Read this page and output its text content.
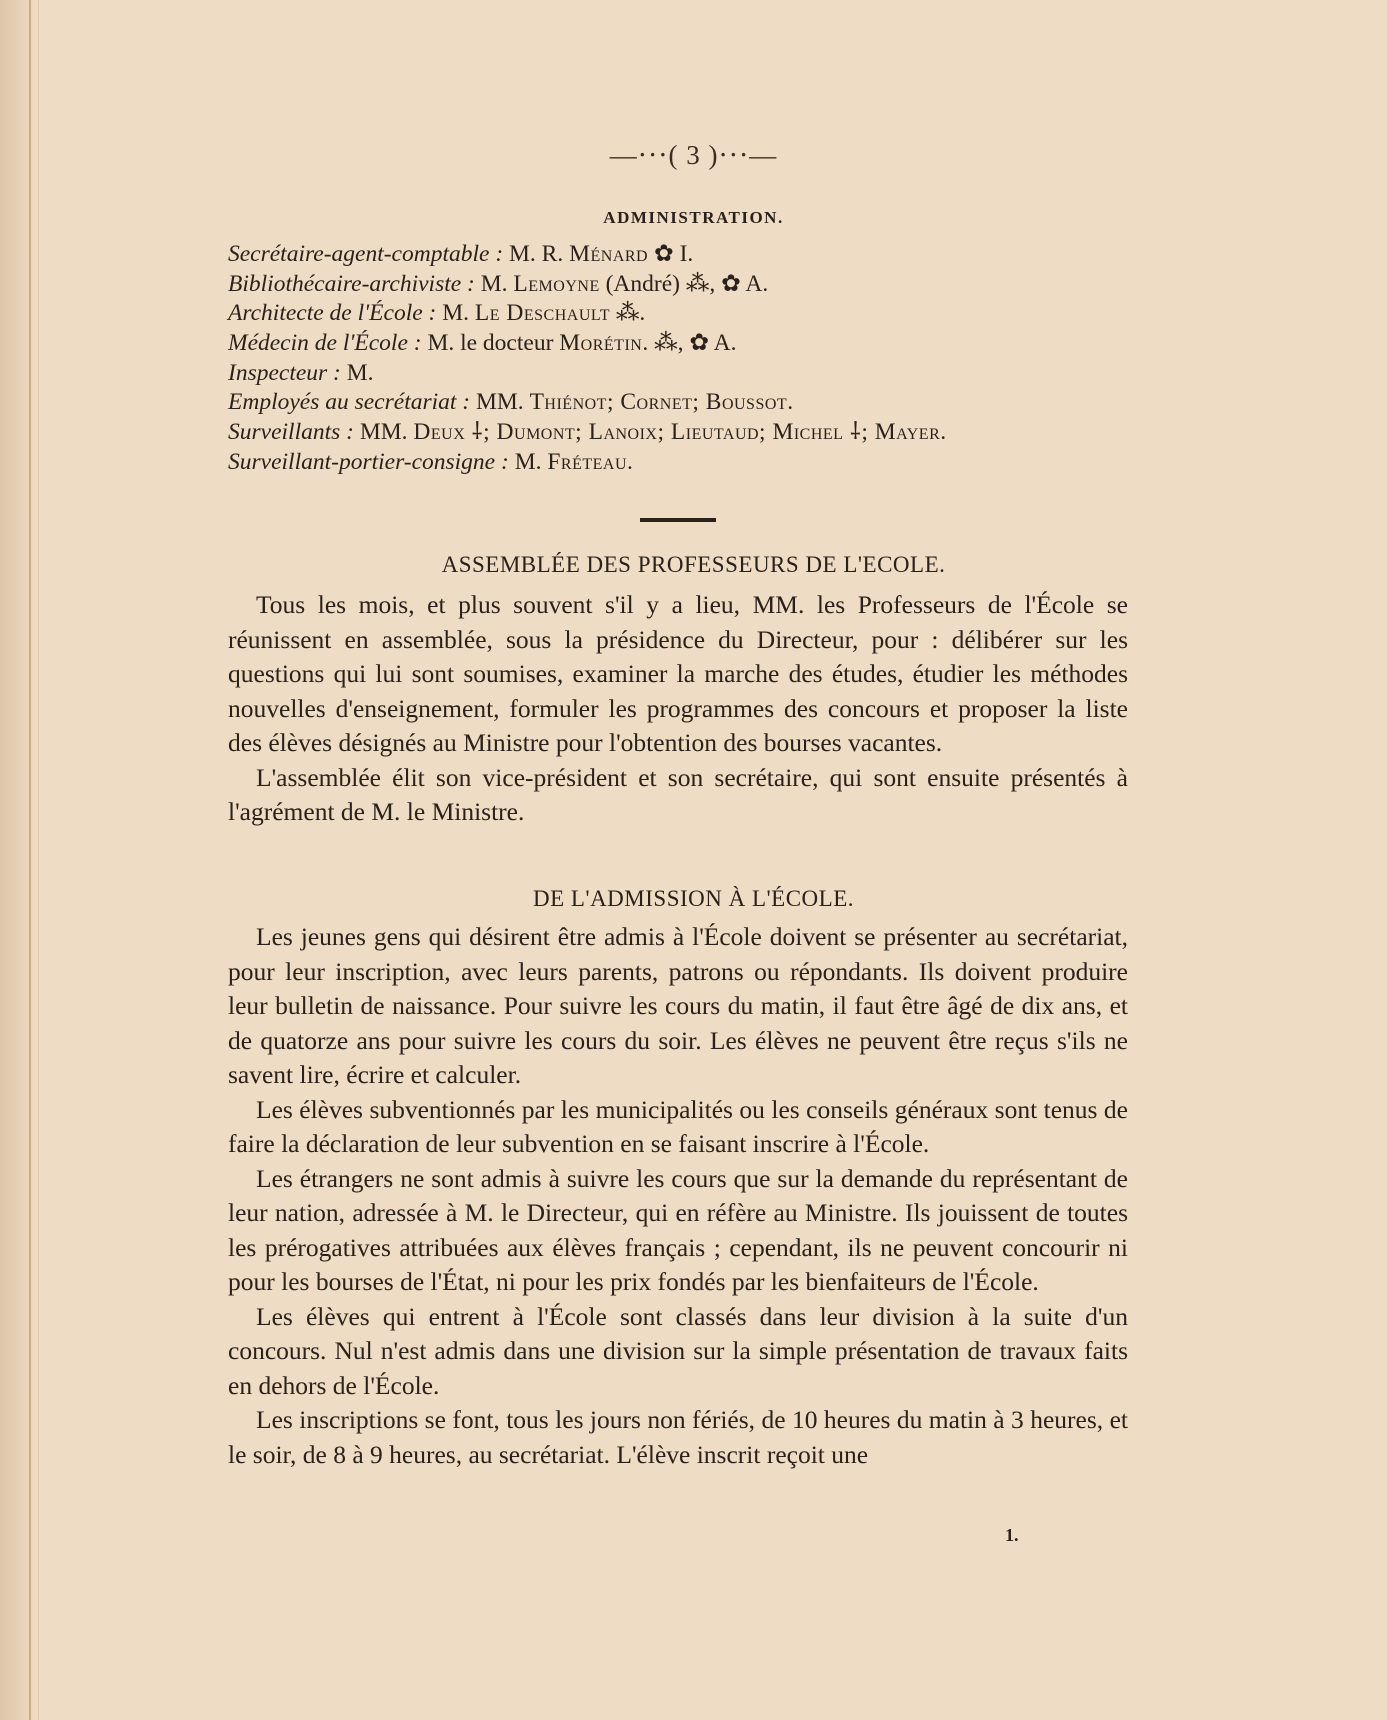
—⋅⋅⋅( 3 )⋅⋅⋅—
ADMINISTRATION.
Secrétaire-agent-comptable : M. R. Ménard ✿ I.
Bibliothécaire-archiviste : M. Lemoyne (André) ⁂, ✿ A.
Architecte de l'École : M. Le Deschault ⁂.
Médecin de l'École : M. le docteur Morétin. ⁂, ✿ A.
Inspecteur : M.
Employés au secrétariat : MM. Thiénot; Cornet; Boussot.
Surveillants : MM. Deux ⸸; Dumont; Lanoix; Lieutaud; Michel ⸸; Mayer.
Surveillant-portier-consigne : M. Fréteau.
ASSEMBLÉE DES PROFESSEURS DE L'ECOLE.

Tous les mois, et plus souvent s'il y a lieu, MM. les Professeurs de l'École se réunissent en assemblée, sous la présidence du Directeur, pour : délibérer sur les questions qui lui sont soumises, examiner la marche des études, étudier les méthodes nouvelles d'enseignement, formuler les programmes des concours et proposer la liste des élèves désignés au Ministre pour l'obtention des bourses vacantes.

L'assemblée élit son vice-président et son secrétaire, qui sont ensuite présentés à l'agrément de M. le Ministre.

DE L'ADMISSION À L'ÉCOLE.

Les jeunes gens qui désirent être admis à l'École doivent se présenter au secrétariat, pour leur inscription, avec leurs parents, patrons ou répondants. Ils doivent produire leur bulletin de naissance. Pour suivre les cours du matin, il faut être âgé de dix ans, et de quatorze ans pour suivre les cours du soir. Les élèves ne peuvent être reçus s'ils ne savent lire, écrire et calculer.

Les élèves subventionnés par les municipalités ou les conseils généraux sont tenus de faire la déclaration de leur subvention en se faisant inscrire à l'École.

Les étrangers ne sont admis à suivre les cours que sur la demande du représentant de leur nation, adressée à M. le Directeur, qui en réfère au Ministre. Ils jouissent de toutes les prérogatives attribuées aux élèves français ; cependant, ils ne peuvent concourir ni pour les bourses de l'État, ni pour les prix fondés par les bienfaiteurs de l'École.

Les élèves qui entrent à l'École sont classés dans leur division à la suite d'un concours. Nul n'est admis dans une division sur la simple présentation de travaux faits en dehors de l'École.

Les inscriptions se font, tous les jours non fériés, de 10 heures du matin à 3 heures, et le soir, de 8 à 9 heures, au secrétariat. L'élève inscrit reçoit une

1.
